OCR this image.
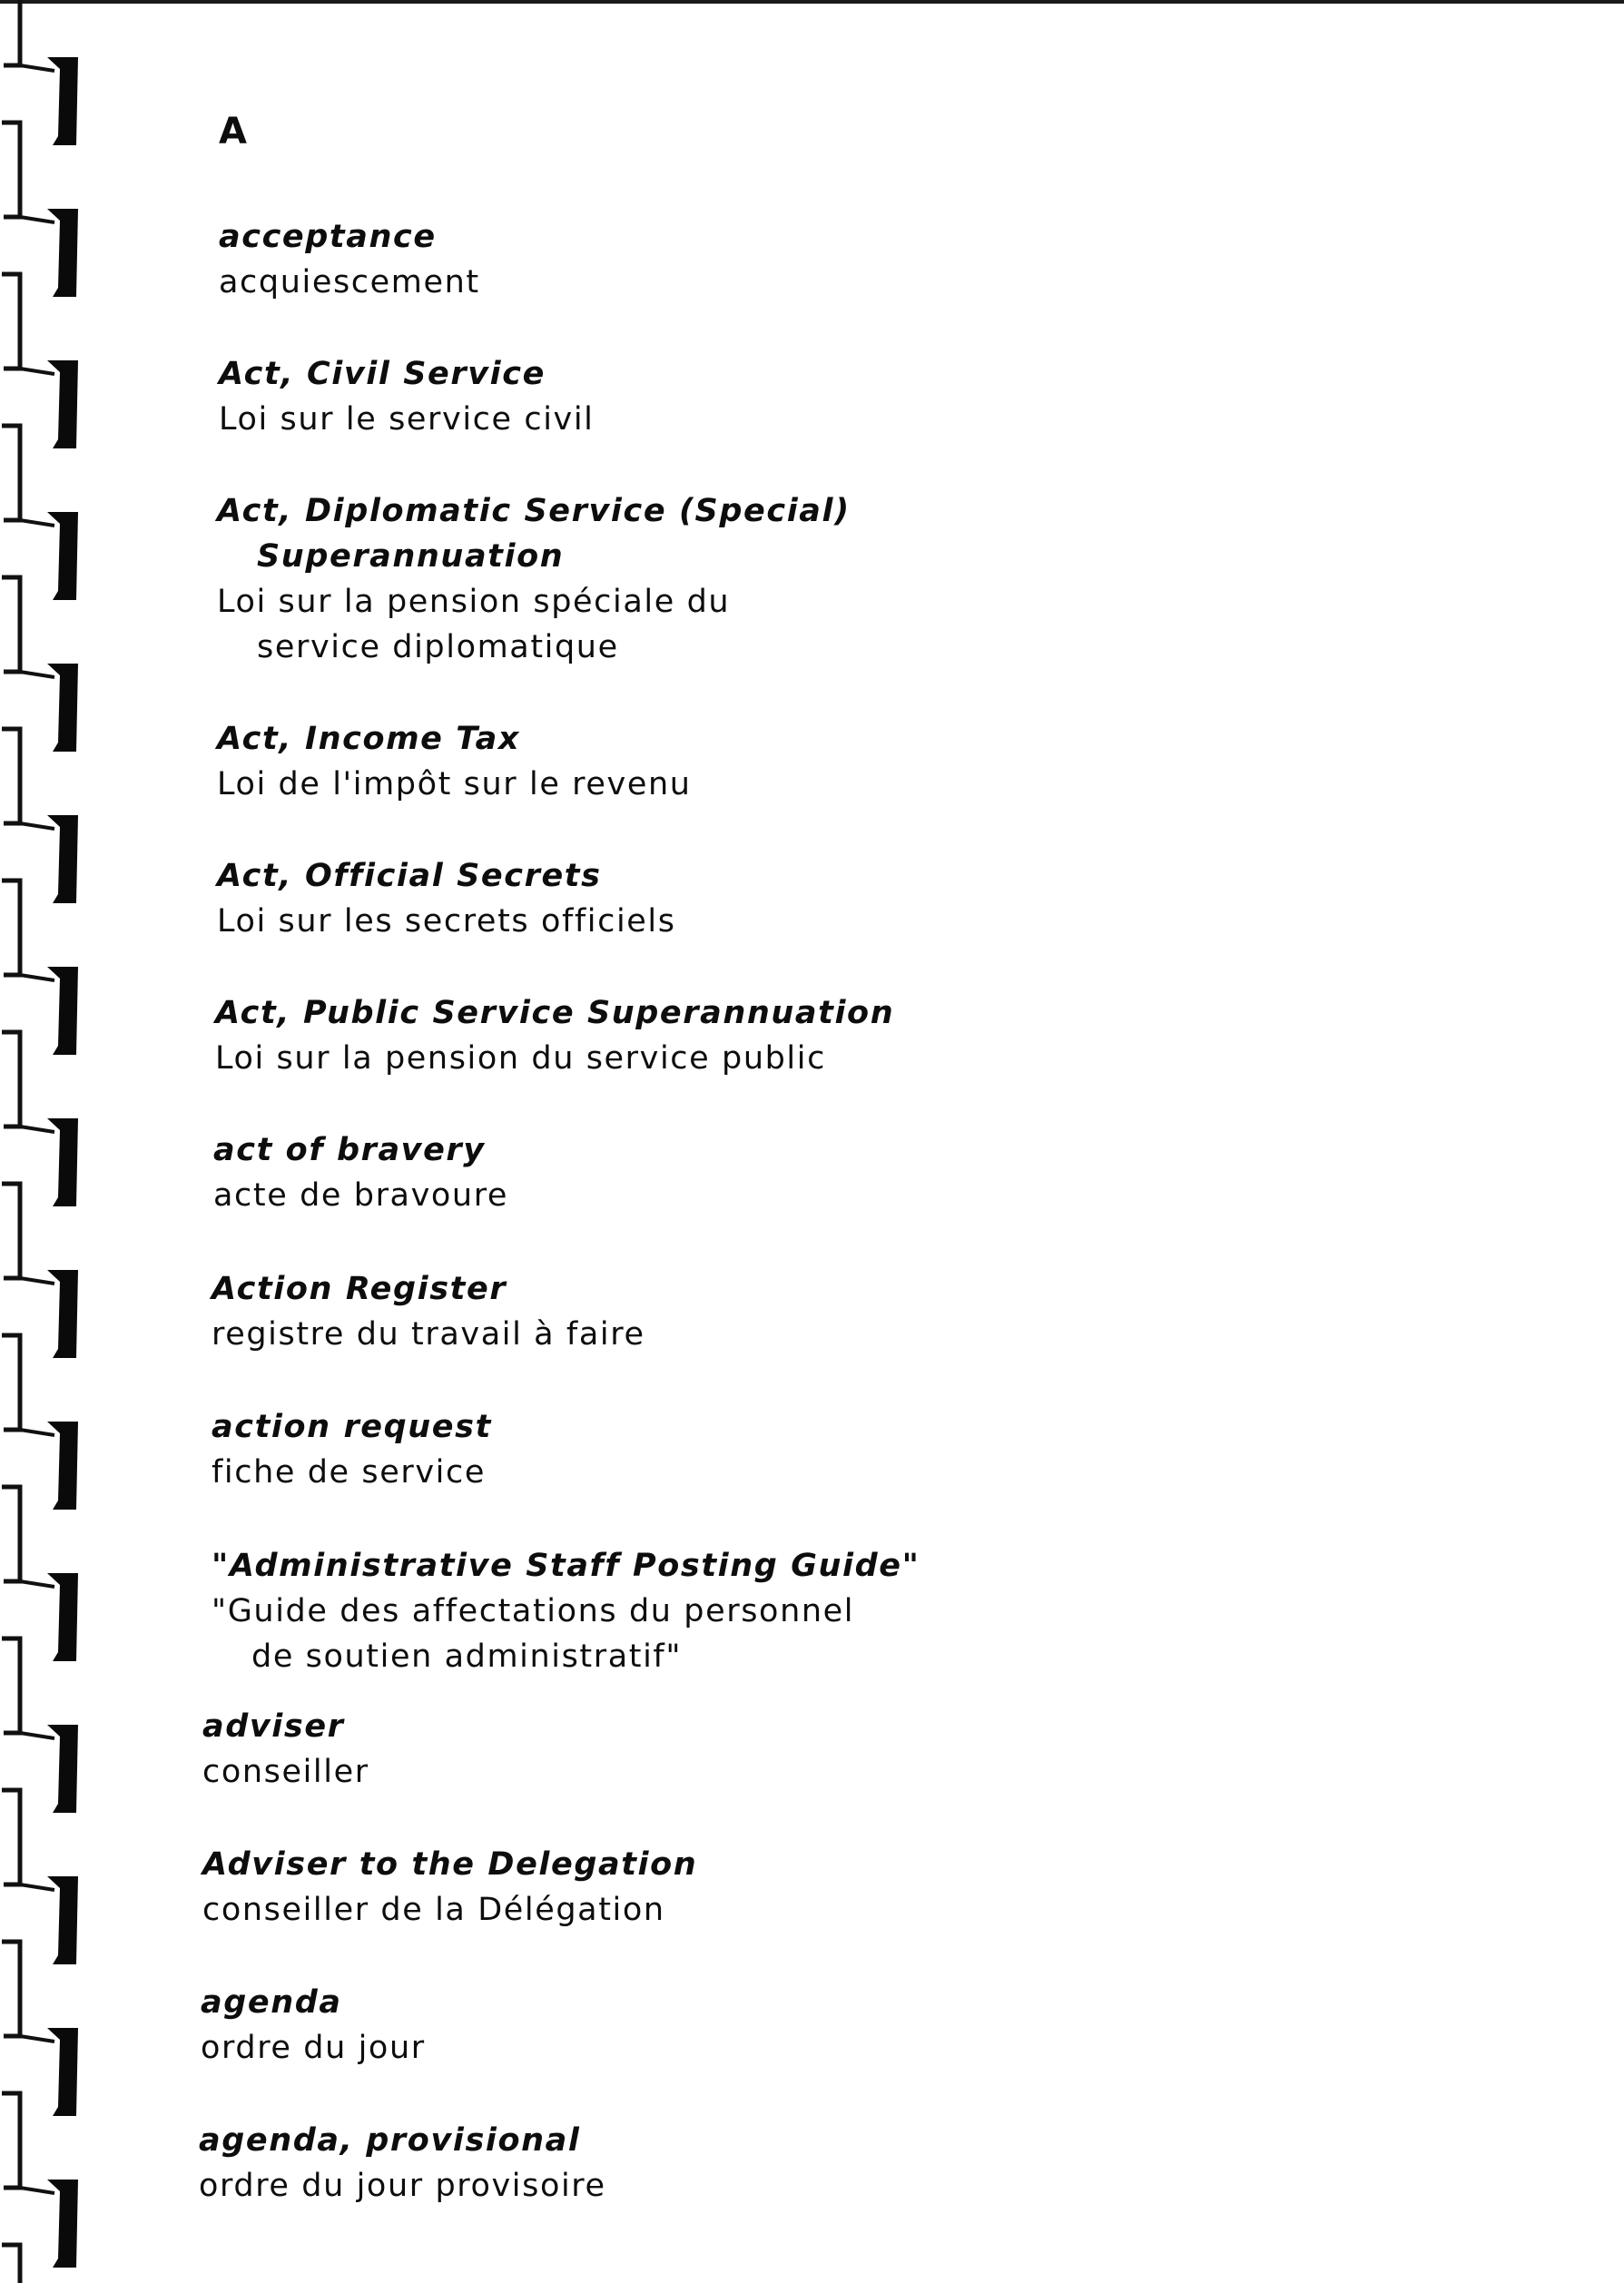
A
acceptance
acquiescement
Act, Civil Service
Loi sur le service civil
Act, Diplomatic Service (Special)
Superannuation
Loi sur la pension spéciale du
service diplomatique
Act, Income Tax
Loi de l'impôt sur le revenu
Act, Official Secrets
Loi sur les secrets officiels
Act, Public Service Superannuation
Loi sur la pension du service public
act of bravery
acte de bravoure
Action Register
registre du travail à faire
action request
fiche de service
"Administrative Staff Posting Guide"
"Guide des affectations du personnel
de soutien administratif"
adviser
conseiller
Adviser to the Delegation
conseiller de la Délégation
agenda
ordre du jour
agenda, provisional
ordre du jour provisoire
